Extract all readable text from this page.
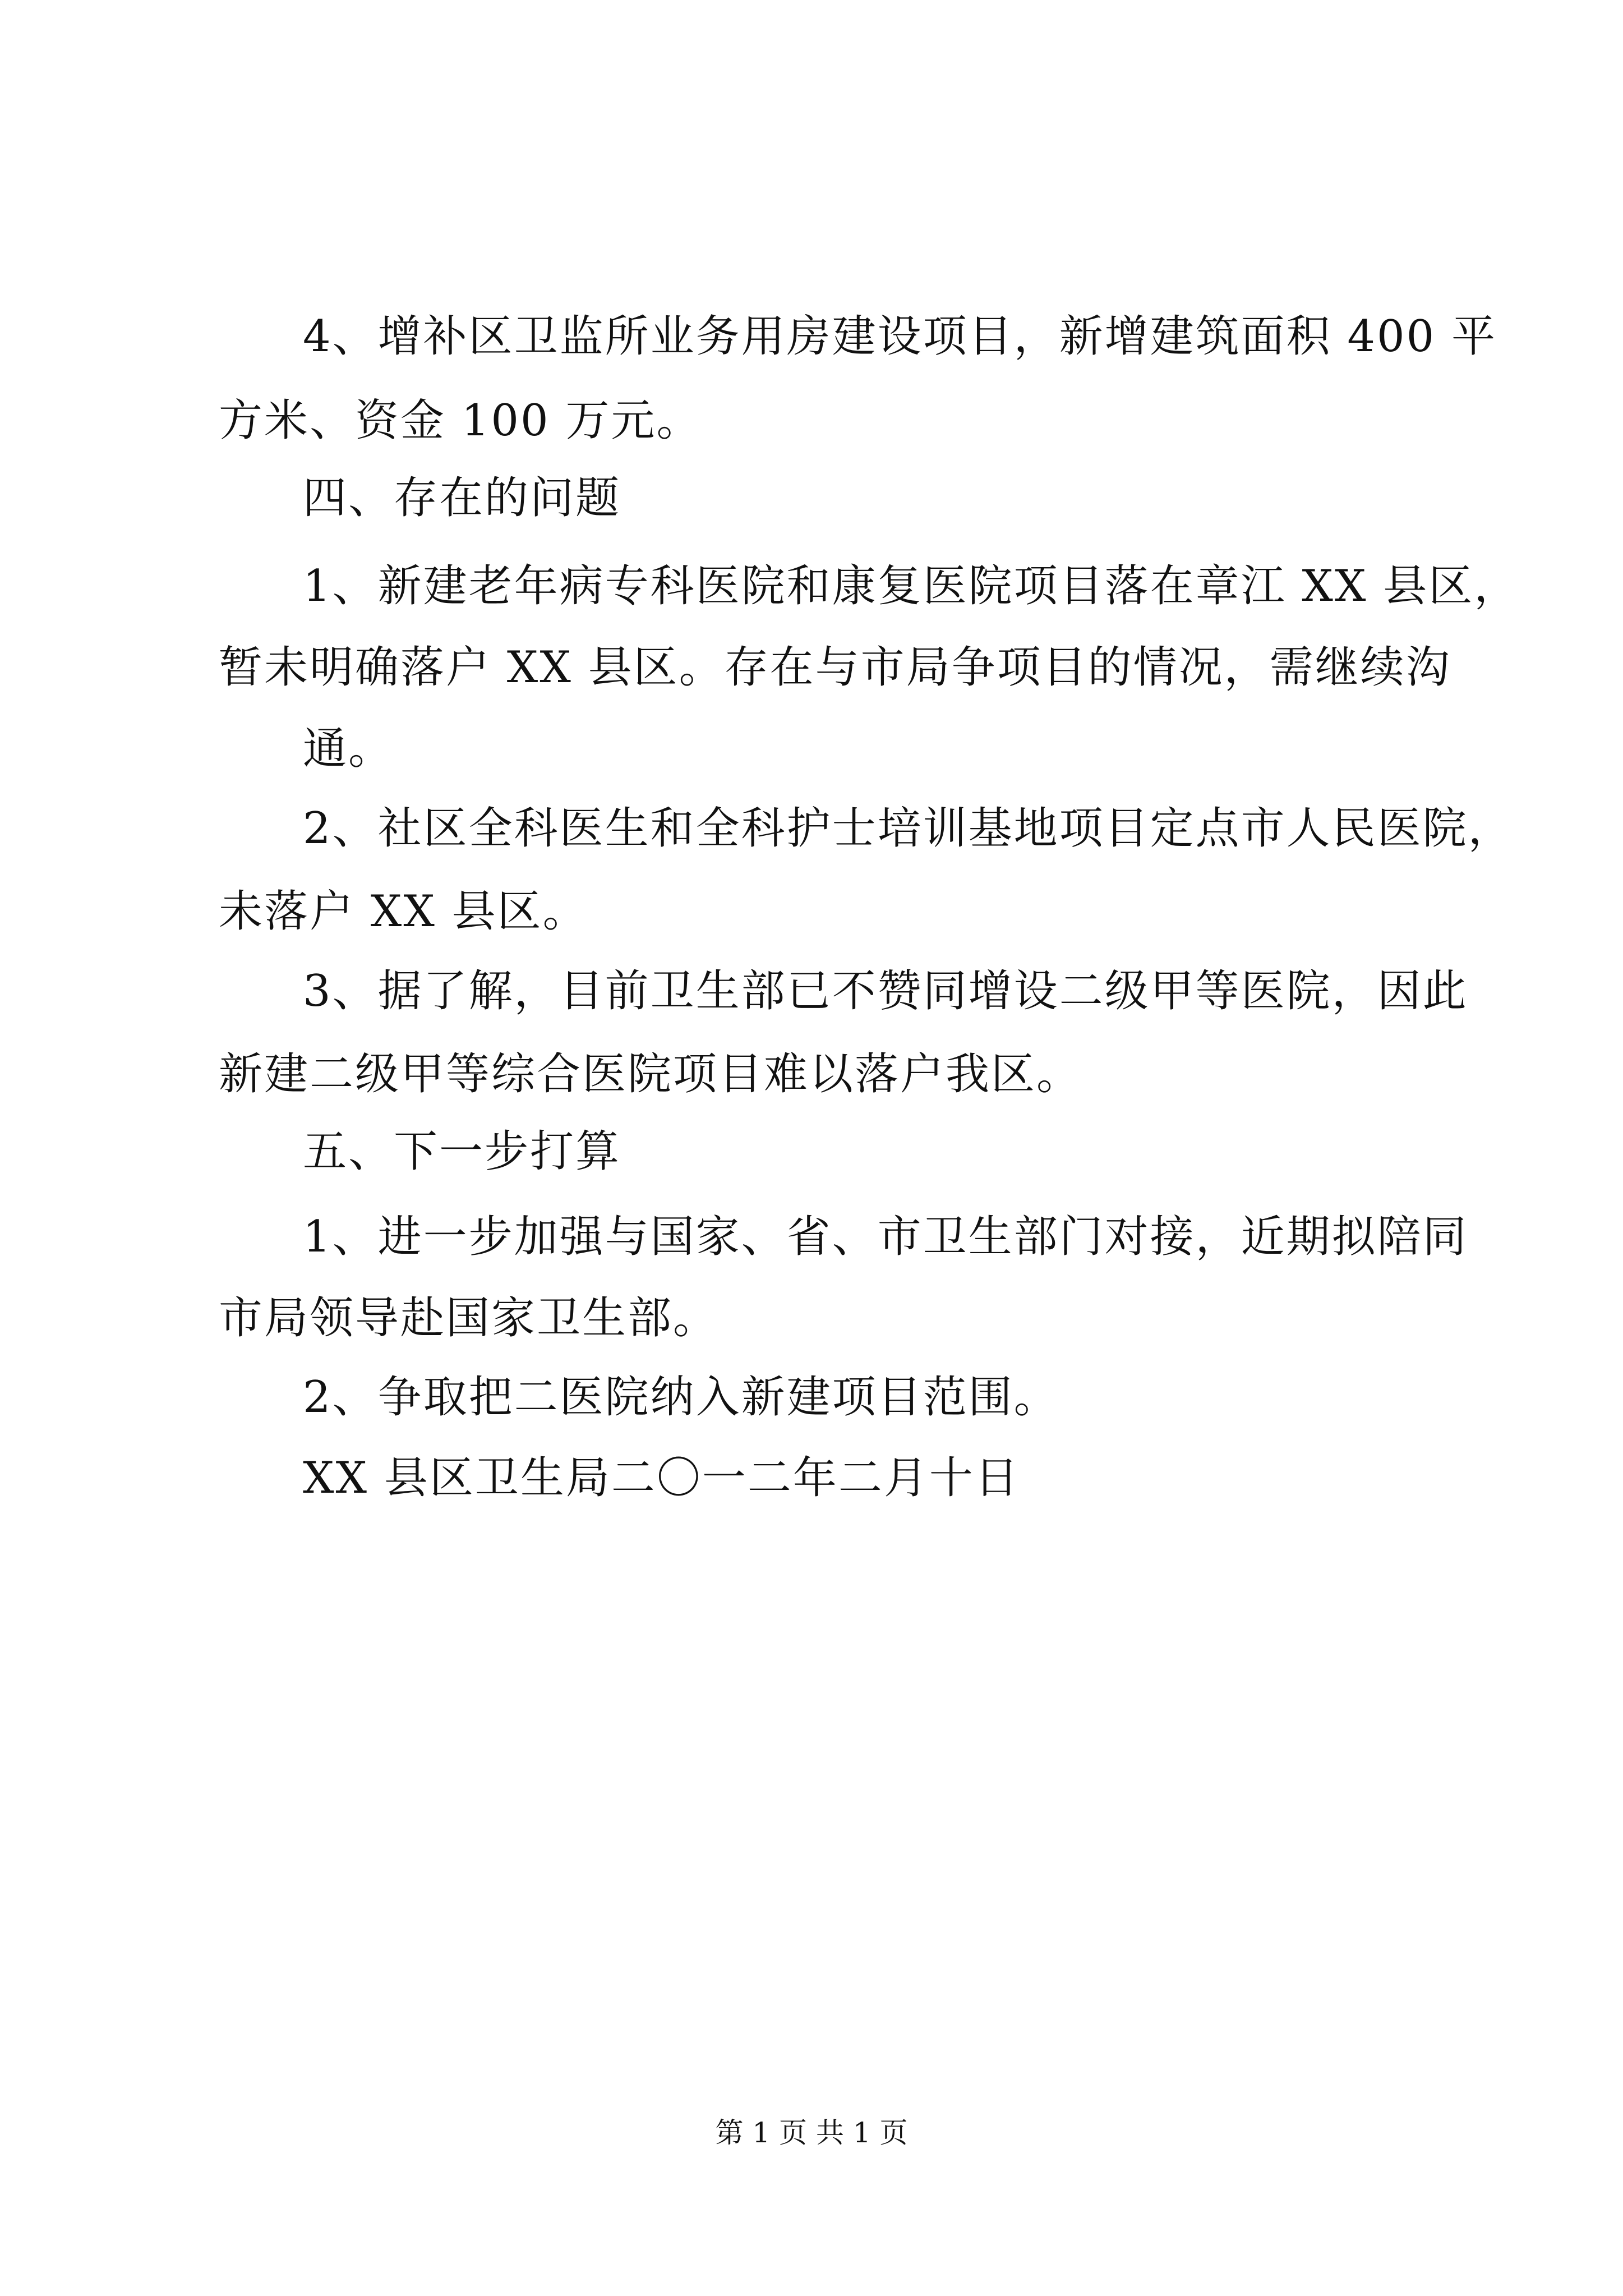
4、增补区卫监所业务用房建设项目，新增建筑面积 400 平
方米、资金 100 万元。
四、存在的问题
1、新建老年病专科医院和康复医院项目落在章江 XX 县区，
暂未明确落户 XX 县区。存在与市局争项目的情况，需继续沟
通。
2、社区全科医生和全科护士培训基地项目定点市人民医院，
未落户 XX 县区。
3、据了解，目前卫生部已不赞同增设二级甲等医院，因此
新建二级甲等综合医院项目难以落户我区。
五、下一步打算
1、进一步加强与国家、省、市卫生部门对接，近期拟陪同
市局领导赴国家卫生部。
2、争取把二医院纳入新建项目范围。
XX 县区卫生局二〇一二年二月十日
第 1 页 共 1 页
